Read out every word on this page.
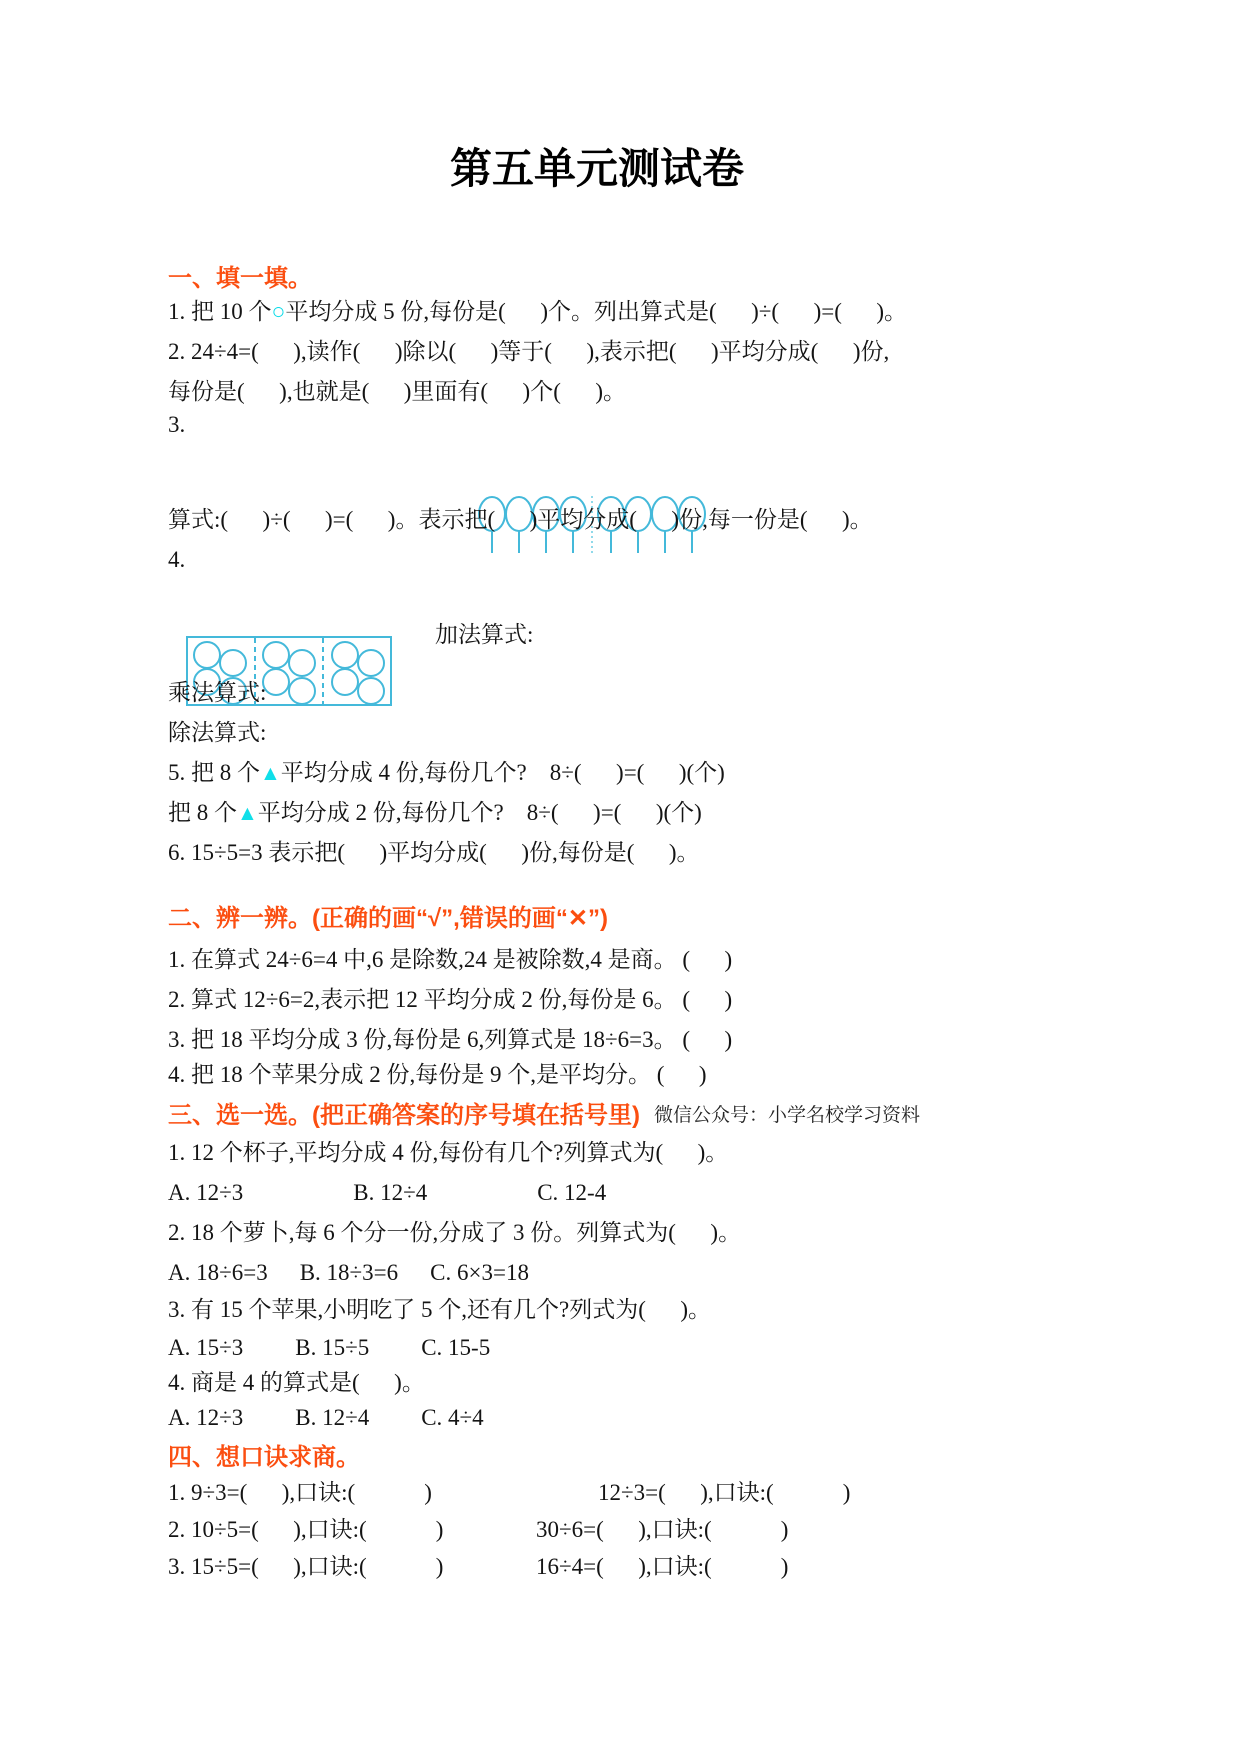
第五单元测试卷
一、填一填。
1. 把 10 个○平均分成 5 份,每份是(      )个。列出算式是(      )÷(      )=(      )。
2. 24÷4=(      ),读作(      )除以(      )等于(      ),表示把(      )平均分成(      )份,
每份是(      ),也就是(      )里面有(      )个(      )。
3.

算式:(      )÷(      )=(      )。表示把(      )平均分成(      )份,每一份是(      )。
4.

加法算式:
乘法算式:
除法算式:
5. 把 8 个▲平均分成 4 份,每份几个?　8÷(      )=(      )(个)
把 8 个▲平均分成 2 份,每份几个?　8÷(      )=(      )(个)
6. 15÷5=3 表示把(      )平均分成(      )份,每份是(      )。
二、辨一辨。(正确的画“√”,错误的画“✕”)
1. 在算式 24÷6=4 中,6 是除数,24 是被除数,4 是商。 (      )
2. 算式 12÷6=2,表示把 12 平均分成 2 份,每份是 6。 (      )
3. 把 18 平均分成 3 份,每份是 6,列算式是 18÷6=3。 (      )
4. 把 18 个苹果分成 2 份,每份是 9 个,是平均分。 (      )
三、选一选。(把正确答案的序号填在括号里) 微信公众号：小学名校学习资料
1. 12 个杯子,平均分成 4 份,每份有几个?列算式为(      )。
A. 12÷3	B. 12÷4	C. 12-4
2. 18 个萝卜,每 6 个分一份,分成了 3 份。列算式为(      )。
A. 18÷6=3 B. 18÷3=6 C. 6×3=18
3. 有 15 个苹果,小明吃了 5 个,还有几个?列式为(      )。
A. 15÷3 B. 15÷5 C. 15-5
4. 商是 4 的算式是(      )。
A. 12÷3 B. 12÷4 C. 4÷4
四、想口诀求商。
1. 9÷3=(      ),口诀:(            )	12÷3=(      ),口诀:(            )
2. 10÷5=(      ),口诀:(            )	30÷6=(      ),口诀:(            )
3. 15÷5=(      ),口诀:(            )	16÷4=(      ),口诀:(            )
